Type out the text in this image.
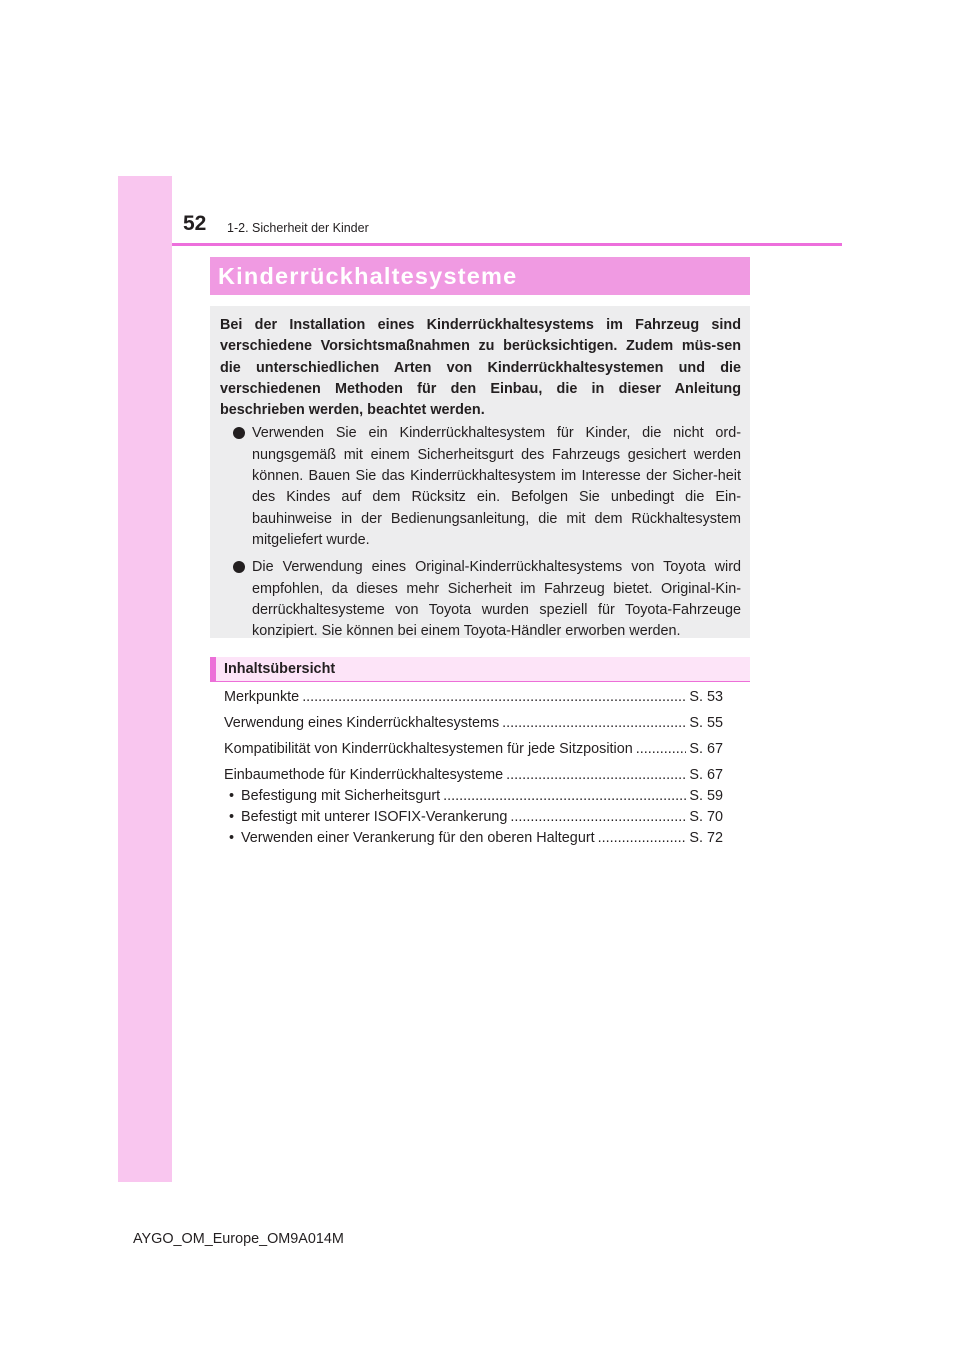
52 1-2. Sicherheit der Kinder
Kinderrückhaltesysteme

Bei der Installation eines Kinderrückhaltesystems im Fahrzeug sind verschiedene Vorsichtsmaßnahmen zu berücksichtigen. Zudem müs-sen die unterschiedlichen Arten von Kinderrückhaltesystemen und die verschiedenen Methoden für den Einbau, die in dieser Anleitung beschrieben werden, beachtet werden.

Verwenden Sie ein Kinderrückhaltesystem für Kinder, die nicht ord-nungsgemäß mit einem Sicherheitsgurt des Fahrzeugs gesichert werden können. Bauen Sie das Kinderrückhaltesystem im Interesse der Sicher-heit des Kindes auf dem Rücksitz ein. Befolgen Sie unbedingt die Ein-bauhinweise in der Bedienungsanleitung, die mit dem Rückhaltesystem mitgeliefert wurde.
Die Verwendung eines Original-Kinderrückhaltesystems von Toyota wird empfohlen, da dieses mehr Sicherheit im Fahrzeug bietet. Original-Kin-derrückhaltesysteme von Toyota wurden speziell für Toyota-Fahrzeuge konzipiert. Sie können bei einem Toyota-Händler erworben werden.
Inhaltsübersicht
Merkpunkte .....	S. 53
Verwendung eines Kinderrückhaltesystems .....	S. 55
Kompatibilität von Kinderrückhaltesystemen für jede Sitzposition .....	S. 67
Einbaumethode für Kinderrückhaltesysteme .....	S. 67
• Befestigung mit Sicherheitsgurt .....	S. 59
• Befestigt mit unterer ISOFIX-Verankerung .....	S. 70
• Verwenden einer Verankerung für den oberen Haltegurt .....	S. 72
AYGO_OM_Europe_OM9A014M
